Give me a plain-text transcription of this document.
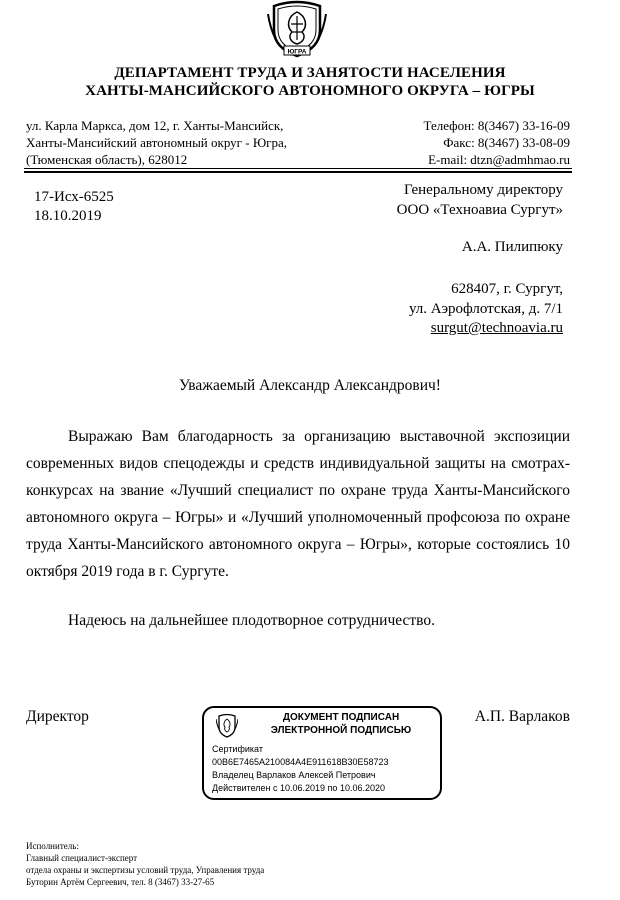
ЮГРА
ДЕПАРТАМЕНТ ТРУДА И ЗАНЯТОСТИ НАСЕЛЕНИЯ
ХАНТЫ-МАНСИЙСКОГО АВТОНОМНОГО ОКРУГА – ЮГРЫ
ул. Карла Маркса, дом 12, г. Ханты-Мансийск,
Ханты-Мансийский автономный округ - Югра,
(Тюменская область), 628012
Телефон: 8(3467) 33-16-09
Факс: 8(3467) 33-08-09
E-mail: dtzn@admhmao.ru
17-Исх-6525
18.10.2019
Генеральному директору
ООО «Техноавиа Сургут»
А.А. Пилипюку
628407, г. Сургут,
ул. Аэрофлотская, д. 7/1
surgut@technoavia.ru
Уважаемый Александр Александрович!

Выражаю Вам благодарность за организацию выставочной экспозиции современных видов спецодежды и средств индивидуальной защиты на смотрах-конкурсах на звание «Лучший специалист по охране труда Ханты-Мансийского автономного округа – Югры» и «Лучший уполномоченный профсоюза по охране труда Ханты-Мансийского автономного округа – Югры», которые состоялись 10 октября 2019 года в г. Сургуте.

Надеюсь на дальнейшее плодотворное сотрудничество.
Директор	А.П. Варлаков
ДОКУМЕНТ ПОДПИСАН
ЭЛЕКТРОННОЙ ПОДПИСЬЮ
Сертификат
00B6E7465A210084A4E911618B30E58723
Владелец Варлаков Алексей Петрович
Действителен с 10.06.2019 по 10.06.2020
Исполнитель:
Главный специалист-эксперт
отдела охраны и экспертизы условий труда, Управления труда
Буторин Артём Сергеевич, тел. 8 (3467) 33-27-65
